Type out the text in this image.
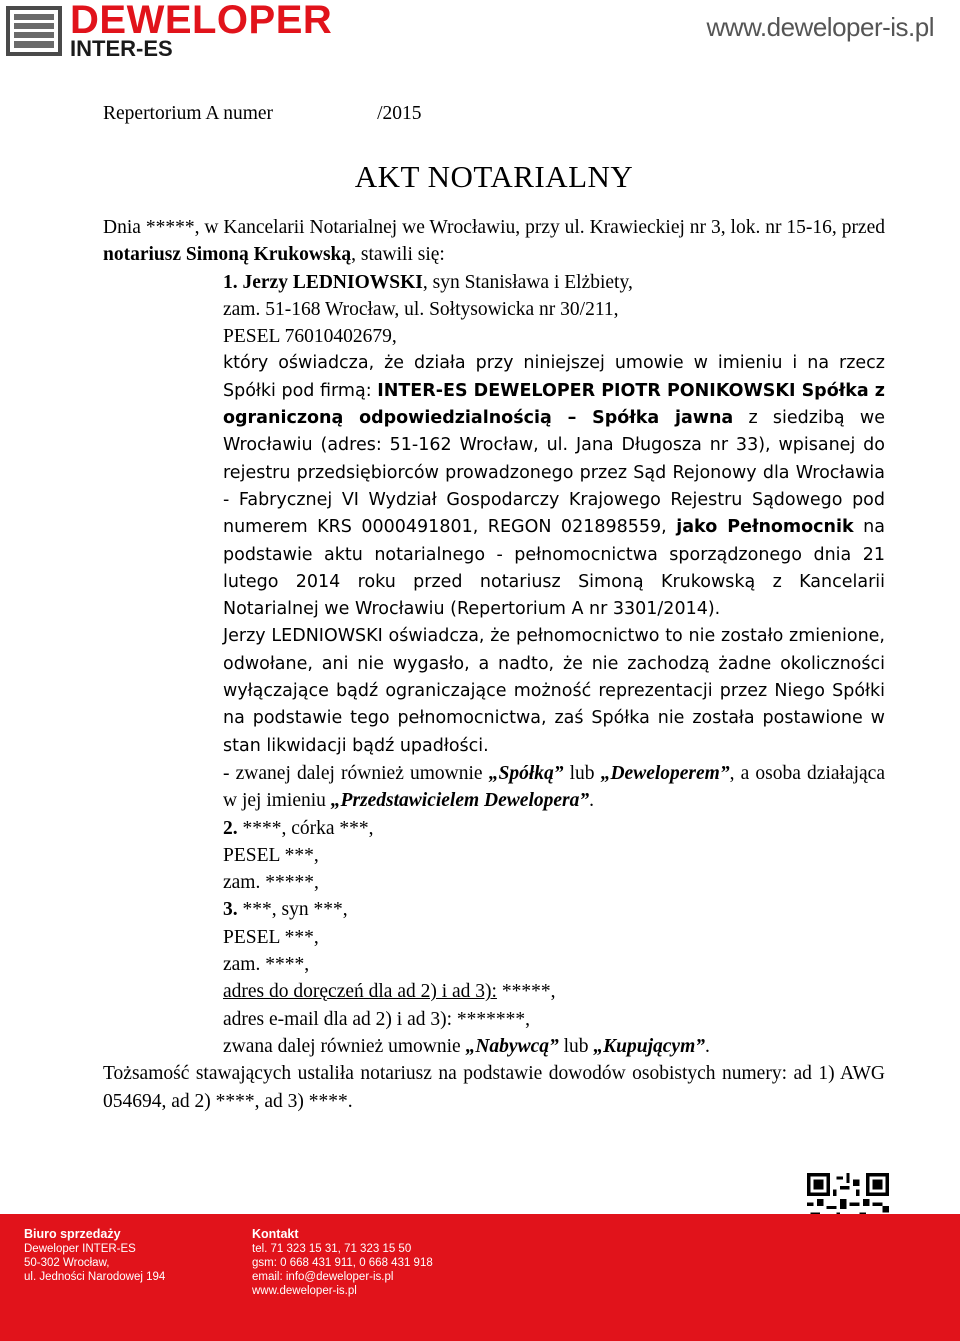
DEWELOPER
INTER-ES
www.deweloper-is.pl
Repertorium A numer	/2015
AKT NOTARIALNY

Dnia *****, w Kancelarii Notarialnej we Wrocławiu, przy ul. Krawieckiej nr 3, lok. nr 15-16, przed notariusz Simoną Krukowską, stawili się:

1. Jerzy LEDNIOWSKI, syn Stanisława i Elżbiety,

zam. 51-168 Wrocław, ul. Sołtysowicka nr 30/211,

PESEL 76010402679,

który oświadcza, że działa przy niniejszej umowie w imieniu i na rzecz Spółki pod firmą: INTER-ES DEWELOPER PIOTR PONIKOWSKI Spółka z ograniczoną odpowiedzialnością – Spółka jawna z siedzibą we Wrocławiu (adres: 51-162 Wrocław, ul. Jana Długosza nr 33), wpisanej do rejestru przedsiębiorców prowadzonego przez Sąd Rejonowy dla Wrocławia - Fabrycznej VI Wydział Gospodarczy Krajowego Rejestru Sądowego pod numerem KRS 0000491801, REGON 021898559, jako Pełnomocnik na podstawie aktu notarialnego - pełnomocnictwa sporządzonego dnia 21 lutego 2014 roku przed notariusz Simoną Krukowską z Kancelarii Notarialnej we Wrocławiu (Repertorium A nr 3301/2014).

Jerzy LEDNIOWSKI oświadcza, że pełnomocnictwo to nie zostało zmienione, odwołane, ani nie wygasło, a nadto, że nie zachodzą żadne okoliczności wyłączające bądź ograniczające możność reprezentacji przez Niego Spółki na podstawie tego pełnomocnictwa, zaś Spółka nie została postawione w stan likwidacji bądź upadłości.

- zwanej dalej również umownie „Spółką” lub „Deweloperem”, a osoba działająca w jej imieniu „Przedstawicielem Dewelopera”.

2. ****, córka ***,

PESEL ***,

zam. *****,

3. ***, syn ***,

PESEL ***,

zam. ****,

adres do doręczeń dla ad 2) i ad 3): *****,

adres e-mail dla ad 2) i ad 3): *******,

zwana dalej również umownie „Nabywcą” lub „Kupującym”.

Tożsamość stawających ustaliła notariusz na podstawie dowodów osobistych numery: ad 1) AWG 054694, ad 2) ****, ad 3) ****.

Biuro sprzedaży
Deweloper INTER-ES
50-302 Wrocław,
ul. Jedności Narodowej 194
Kontakt
tel. 71 323 15 31, 71 323 15 50
gsm: 0 668 431 911, 0 668 431 918
email: info@deweloper-is.pl
www.deweloper-is.pl
